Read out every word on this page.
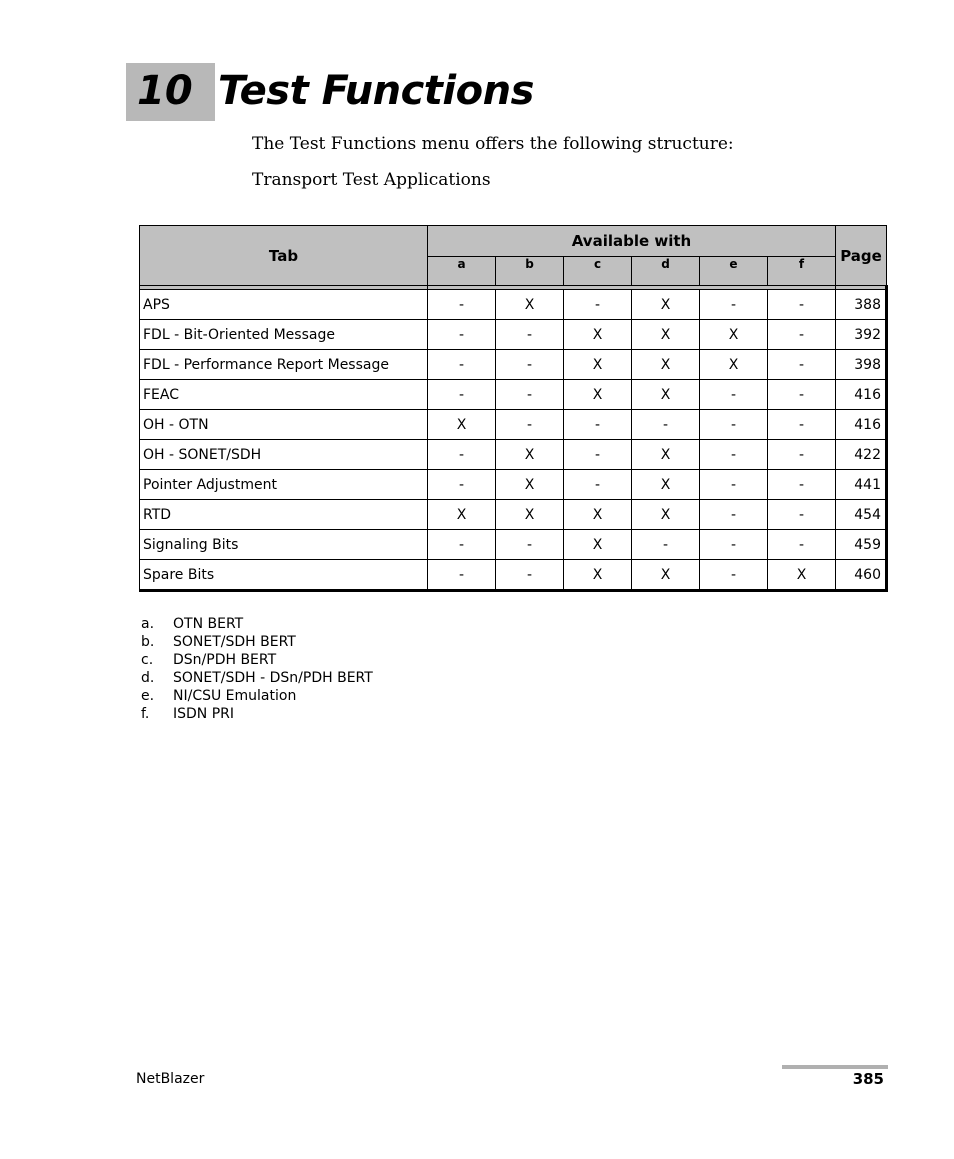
10 Test Functions
The Test Functions menu offers the following structure:
Transport Test Applications
Tab	Available with						Page
	a	b	c	d	e	f	

APS	-	X	-	X	-	-	388
FDL - Bit-Oriented Message	-	-	X	X	X	-	392
FDL - Performance Report Message	-	-	X	X	X	-	398
FEAC	-	-	X	X	-	-	416
OH - OTN	X	-	-	-	-	-	416
OH - SONET/SDH	-	X	-	X	-	-	422
Pointer Adjustment	-	X	-	X	-	-	441
RTD	X	X	X	X	-	-	454
Signaling Bits	-	-	X	-	-	-	459
Spare Bits	-	-	X	X	-	X	460
a.	OTN BERT
b.	SONET/SDH BERT
c.	DSn/PDH BERT
d.	SONET/SDH - DSn/PDH BERT
e.	NI/CSU Emulation
f.	ISDN PRI
NetBlazer	385
